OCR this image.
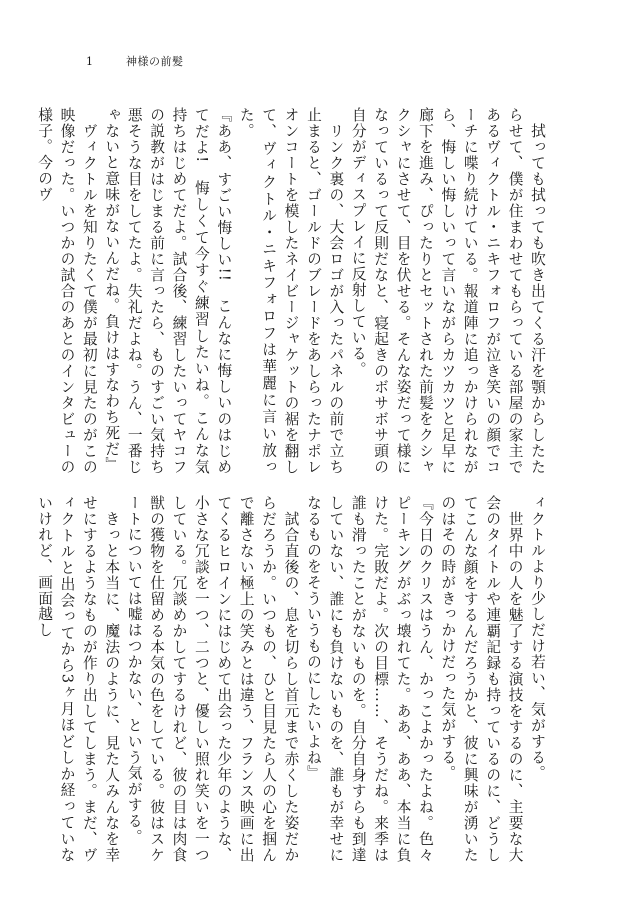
1	神様の前髪

　拭っても拭っても吹き出てくる汗を顎からしたたらせて、僕が住まわせてもらっている部屋の家主であるヴィクトル・ニキフォロフが泣き笑いの顔でコーチに喋り続けている。報道陣に追っかけられながら、悔しい悔しいって言いながらカツカツと足早に廊下を進み、ぴったりとセットされた前髪をクシャクシャにさせて、目を伏せる。そんな姿だって様になっているって反則だなと、寝起きのボサボサ頭の自分がディスプレイに反射している。

　リンク裏の、大会ロゴが入ったパネルの前で立ち止まると、ゴールドのブレードをあしらったナポレオンコートを模したネイビージャケットの裾を翻して、ヴィクトル・ニキフォロフは華麗に言い放った。

『ああ、すごい悔しい!!　こんなに悔しいのはじめてだよ!　悔しくて今すぐ練習したいね。こんな気持ちはじめてだよ。試合後、練習したいってヤコフの説教がはじまる前に言ったら、ものすごい気持ち悪そうな目をしてたよ。失礼だよね。うん、一番じゃないと意味がないんだね。負けはすなわち死だ』

　ヴィクトルを知りたくて僕が最初に見たのがこの映像だった。いつかの試合のあとのインタビューの様子。今のヴ

ィクトルより少しだけ若い、気がする。

　世界中の人を魅了する演技をするのに、主要な大会のタイトルや連覇記録も持っているのに、どうしてこんな顔をするんだろうかと、彼に興味が湧いたのはその時がきっかけだった気がする。

『今日のクリスはうん、かっこよかったよね。色々ピーキングがぶっ壊れてた。ああ、ああ、本当に負けた。完敗だよ。次の目標……、そうだね。来季は誰も滑ったことがないものを。自分自身すらも到達していない、誰にも負けないものを、誰もが幸せになるものをそういうものにしたいよね』

　試合直後の、息を切らし首元まで赤くした姿だからだろうか。いつもの、ひと目見たら人の心を掴んで離さない極上の笑みとは違う、フランス映画に出てくるヒロインにはじめて出会った少年のような、小さな冗談を一つ、二つと、優しい照れ笑いを一つしている。冗談めかしてするけれど、彼の目は肉食獣の獲物を仕留める本気の色をしている。彼はスケートについては嘘はつかない、という気がする。

　きっと本当に、魔法のように、見た人みんなを幸せにするようなものが作り出してしまう。まだ、ヴィクトルと出会ってから3ヶ月ほどしか経っていないけれど、画面越し
